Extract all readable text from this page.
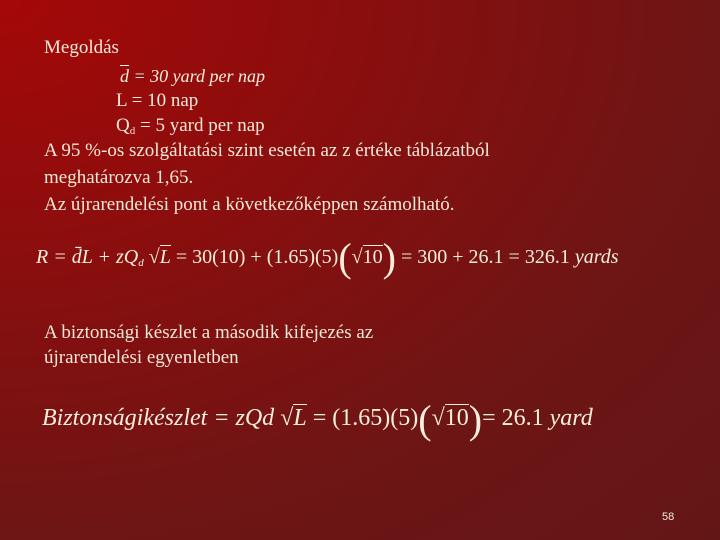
Megoldás
$\overline{d} = 30$ yard per nap
L = 10 nap
$Q_d = 5$ yard per nap
A 95 %-os szolgáltatási szint esetén az z értéke táblázatból
meghatározva 1,65.
Az újrarendelési pont a következőképpen számolható.
R = d̄L + $zQ_d$ √L = 30(10) + (1.65)(5)(√10) = 300 + 26.1 = 326.1 yards
A biztonsági készlet a második kifejezés az
újrarendelési egyenletben
Biztonságikészlet = zQd √L = (1.65)(5)(√10)= 26.1 yard
58
